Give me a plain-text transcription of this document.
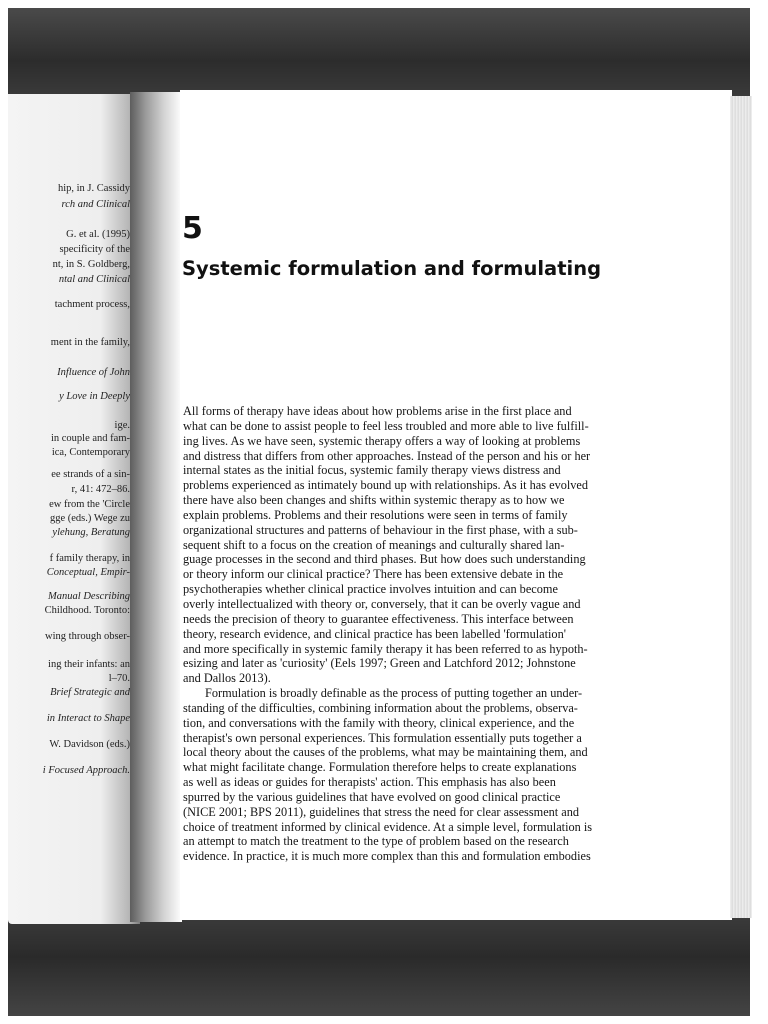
hip, in J. Cassidy
rch and Clinical
G. et al. (1995)
specificity of the
nt, in S. Goldberg,
ntal and Clinical
tachment process,
ment in the family,
Influence of John
y Love in Deeply
ige.
in couple and fam-
ica, Contemporary
ee strands of a sin-
r, 41: 472–86.
ew from the 'Circle
gge (eds.) Wege zu
ylehung, Beratung
f family therapy, in
Conceptual, Empir-
Manual Describing
Childhood. Toronto:
wing through obser-
ing their infants: an
l–70.
Brief Strategic and
in Interact to Shape
W. Davidson (eds.)
i Focused Approach.
5
Systemic formulation and formulating
All forms of therapy have ideas about how problems arise in the first place and
what can be done to assist people to feel less troubled and more able to live fulfill-
ing lives. As we have seen, systemic therapy offers a way of looking at problems
and distress that differs from other approaches. Instead of the person and his or her
internal states as the initial focus, systemic family therapy views distress and
problems experienced as intimately bound up with relationships. As it has evolved
there have also been changes and shifts within systemic therapy as to how we
explain problems. Problems and their resolutions were seen in terms of family
organizational structures and patterns of behaviour in the first phase, with a sub-
sequent shift to a focus on the creation of meanings and culturally shared lan-
guage processes in the second and third phases. But how does such understanding
or theory inform our clinical practice? There has been extensive debate in the
psychotherapies whether clinical practice involves intuition and can become
overly intellectualized with theory or, conversely, that it can be overly vague and
needs the precision of theory to guarantee effectiveness. This interface between
theory, research evidence, and clinical practice has been labelled 'formulation'
and more specifically in systemic family therapy it has been referred to as hypoth-
esizing and later as 'curiosity' (Eels 1997; Green and Latchford 2012; Johnstone
and Dallos 2013).
Formulation is broadly definable as the process of putting together an under-
standing of the difficulties, combining information about the problems, observa-
tion, and conversations with the family with theory, clinical experience, and the
therapist's own personal experiences. This formulation essentially puts together a
local theory about the causes of the problems, what may be maintaining them, and
what might facilitate change. Formulation therefore helps to create explanations
as well as ideas or guides for therapists' action. This emphasis has also been
spurred by the various guidelines that have evolved on good clinical practice
(NICE 2001; BPS 2011), guidelines that stress the need for clear assessment and
choice of treatment informed by clinical evidence. At a simple level, formulation is
an attempt to match the treatment to the type of problem based on the research
evidence. In practice, it is much more complex than this and formulation embodies
